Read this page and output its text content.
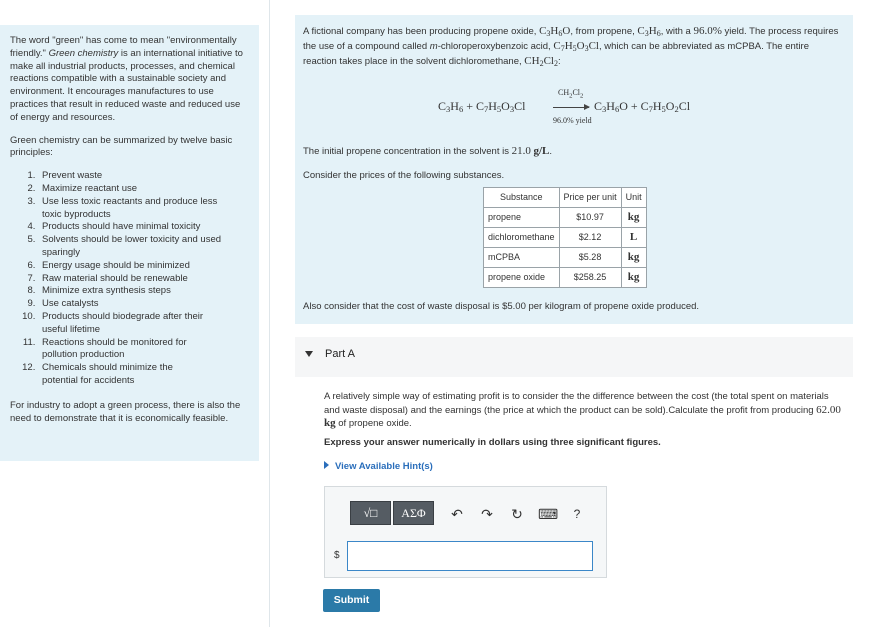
The word "green" has come to mean "environmentally friendly." Green chemistry is an international initiative to make all industrial products, processes, and chemical reactions compatible with a sustainable society and environment. It encourages manufactures to use practices that result in reduced waste and reduced use of energy and resources.

Green chemistry can be summarized by twelve basic principles:

1. Prevent waste
2. Maximize reactant use
3. Use less toxic reactants and produce less toxic byproducts
4. Products should have minimal toxicity
5. Solvents should be lower toxicity and used sparingly
6. Energy usage should be minimized
7. Raw material should be renewable
8. Minimize extra synthesis steps
9. Use catalysts
10. Products should biodegrade after their useful lifetime
11. Reactions should be monitored for pollution production
12. Chemicals should minimize the potential for accidents

For industry to adopt a green process, there is also the need to demonstrate that it is economically feasible.

A fictional company has been producing propene oxide, $C_3H_6O$, from propene, $C_3H_6$, with a 96.0% yield. The process requires the use of a compound called m-chloroperoxybenzoic acid, $C_7H_5O_3Cl$, which can be abbreviated as mCPBA. The entire reaction takes place in the solvent dichloromethane, $CH_2Cl_2$:
$C_3H_6 + C_7H_5O_3Cl$
$CH_2Cl_2$
96.0% yield
$C_3H_6O + C_7H_5O_2Cl$
The initial propene concentration in the solvent is 21.0 g/L.
Consider the prices of the following substances.
Substance	Price per unit	Unit
propene	$10.97	kg
dichloromethane	$2.12	L
mCPBA	$5.28	kg
propene oxide	$258.25	kg
Also consider that the cost of waste disposal is $5.00 per kilogram of propene oxide produced.
Part A
A relatively simple way of estimating profit is to consider the the difference between the cost (the total spent on materials and waste disposal) and the earnings (the price at which the product can be sold).Calculate the profit from producing 62.00 kg of propene oxide.
Express your answer numerically in dollars using three significant figures.
View Available Hint(s)
√□	ΑΣΦ	↶ ↷ ↻ ⌨	?
$
Submit
